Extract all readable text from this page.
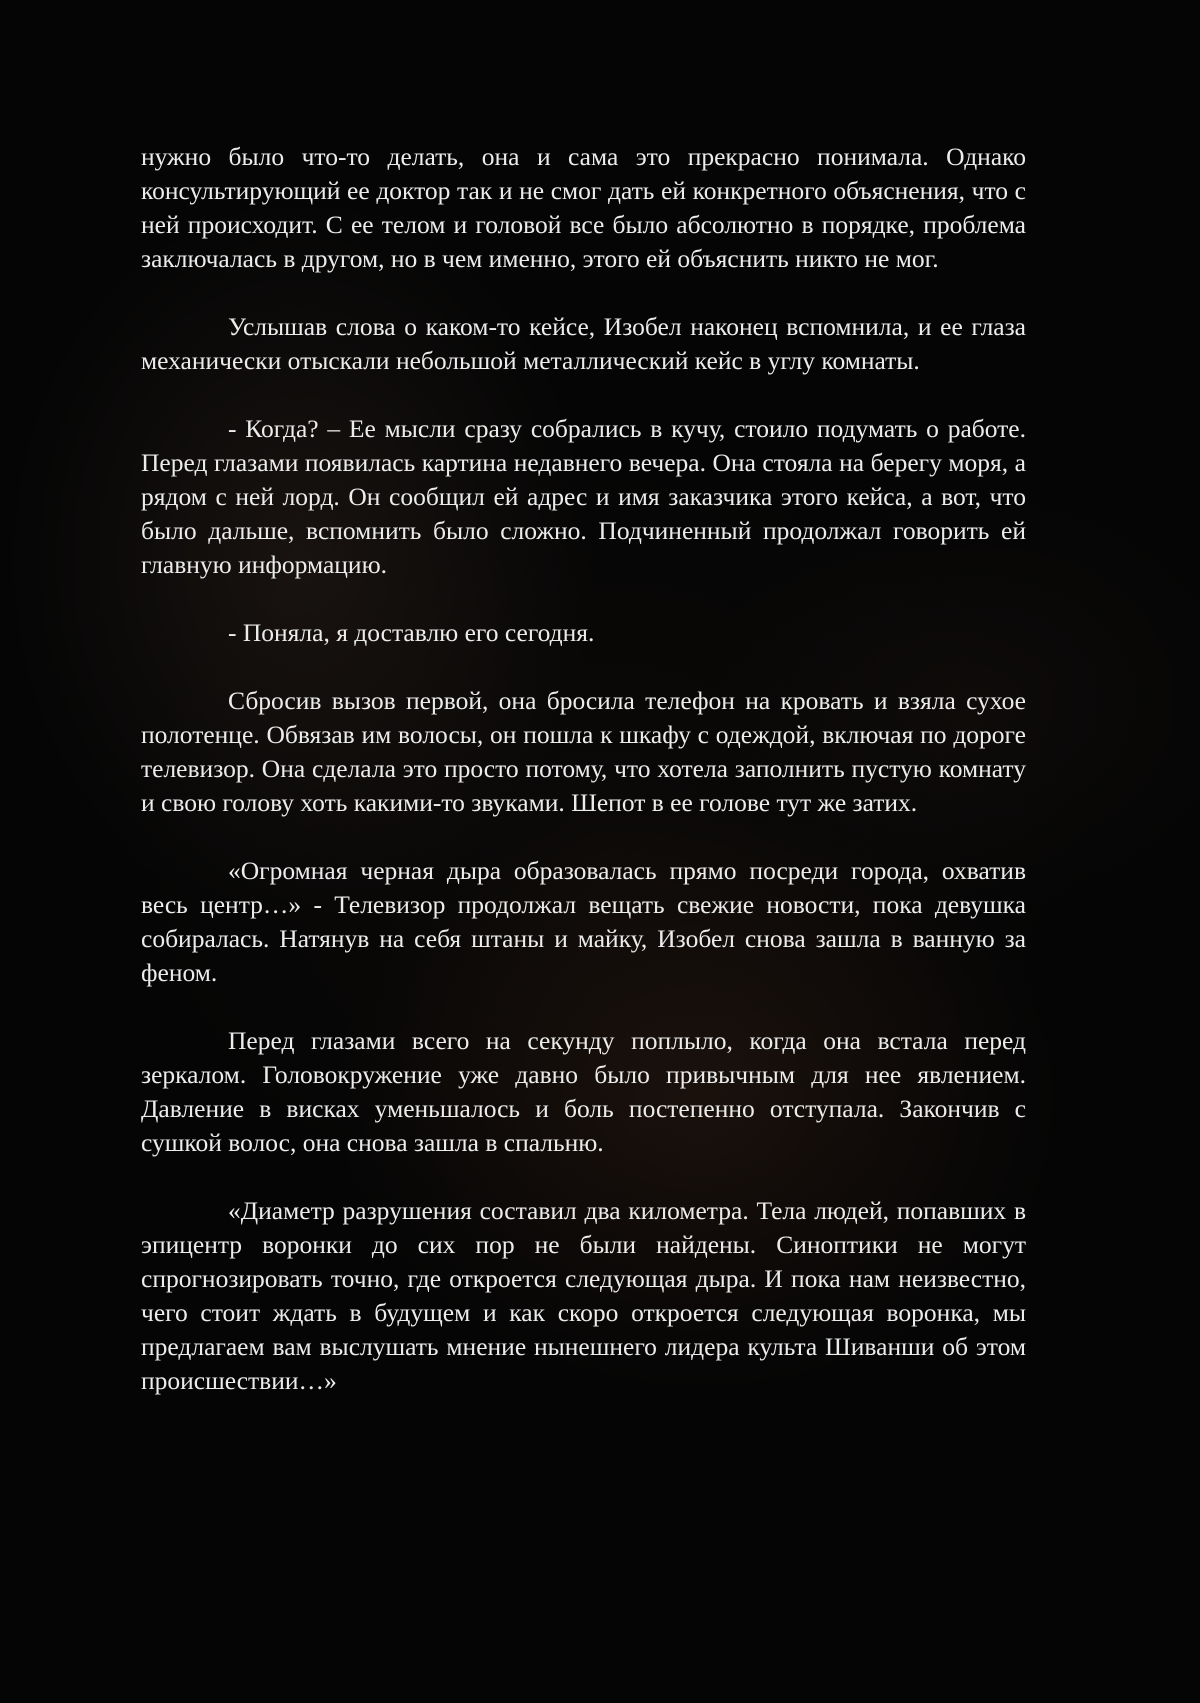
нужно было что-то делать, она и сама это прекрасно понимала. Однако консультирующий ее доктор так и не смог дать ей конкретного объяснения, что с ней происходит. С ее телом и головой все было абсолютно в порядке, проблема заключалась в другом, но в чем именно, этого ей объяснить никто не мог.

Услышав слова о каком-то кейсе, Изобел наконец вспомнила, и ее глаза механически отыскали небольшой металлический кейс в углу комнаты.

- Когда? – Ее мысли сразу собрались в кучу, стоило подумать о работе. Перед глазами появилась картина недавнего вечера. Она стояла на берегу моря, а рядом с ней лорд. Он сообщил ей адрес и имя заказчика этого кейса, а вот, что было дальше, вспомнить было сложно. Подчиненный продолжал говорить ей главную информацию.

- Поняла, я доставлю его сегодня.

Сбросив вызов первой, она бросила телефон на кровать и взяла сухое полотенце. Обвязав им волосы, он пошла к шкафу с одеждой, включая по дороге телевизор. Она сделала это просто потому, что хотела заполнить пустую комнату и свою голову хоть какими-то звуками. Шепот в ее голове тут же затих.

«Огромная черная дыра образовалась прямо посреди города, охватив весь центр…» - Телевизор продолжал вещать свежие новости, пока девушка собиралась. Натянув на себя штаны и майку, Изобел снова зашла в ванную за феном.

Перед глазами всего на секунду поплыло, когда она встала перед зеркалом. Головокружение уже давно было привычным для нее явлением. Давление в висках уменьшалось и боль постепенно отступала. Закончив с сушкой волос, она снова зашла в спальню.

«Диаметр разрушения составил два километра. Тела людей, попавших в эпицентр воронки до сих пор не были найдены. Синоптики не могут спрогнозировать точно, где откроется следующая дыра. И пока нам неизвестно, чего стоит ждать в будущем и как скоро откроется следующая воронка, мы предлагаем вам выслушать мнение нынешнего лидера культа Шиванши об этом происшествии…»
